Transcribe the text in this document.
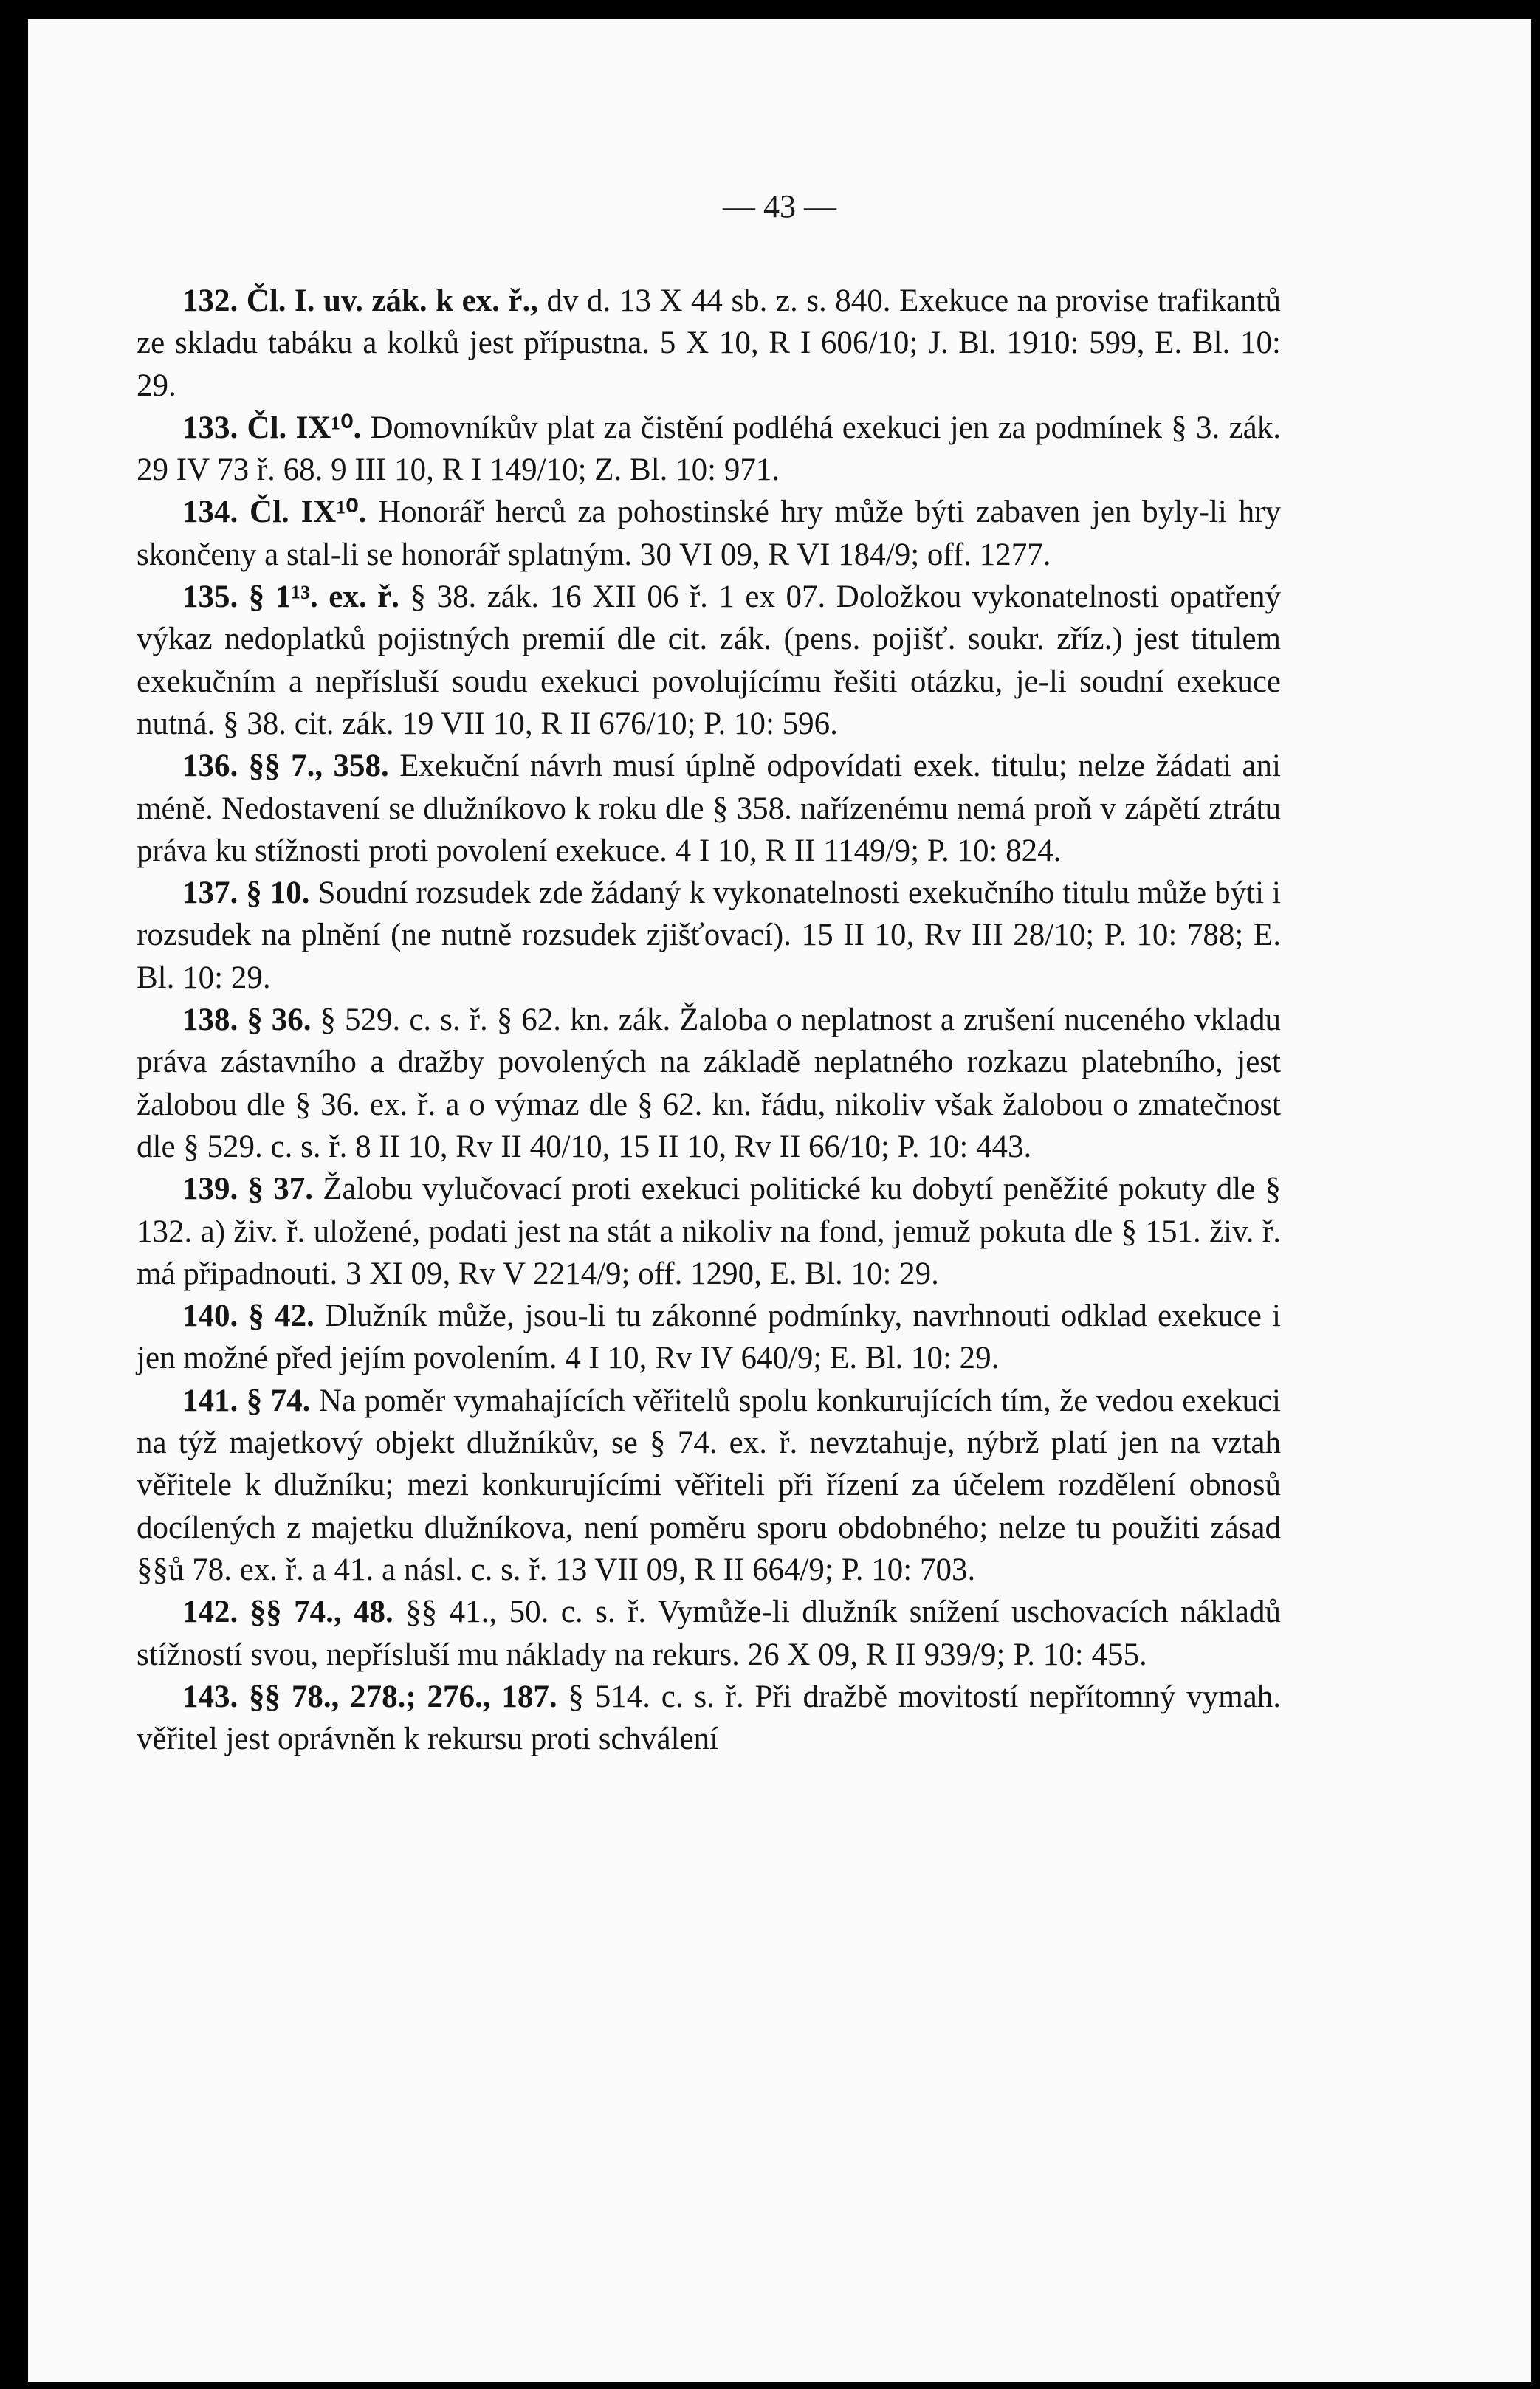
— 43 —

132. Čl. I. uv. zák. k ex. ř., dv d. 13 X 44 sb. z. s. 840. Exekuce na provise trafikantů ze skladu tabáku a kolků jest přípustna. 5 X 10, R I 606/10; J. Bl. 1910: 599, E. Bl. 10: 29.

133. Čl. IX¹⁰. Domovníkův plat za čistění podléhá exekuci jen za podmínek § 3. zák. 29 IV 73 ř. 68. 9 III 10, R I 149/10; Z. Bl. 10: 971.

134. Čl. IX¹⁰. Honorář herců za pohostinské hry může býti zabaven jen byly-li hry skončeny a stal-li se honorář splatným. 30 VI 09, R VI 184/9; off. 1277.

135. § 1¹³. ex. ř. § 38. zák. 16 XII 06 ř. 1 ex 07. Doložkou vykonatelnosti opatřený výkaz nedoplatků pojistných premií dle cit. zák. (pens. pojišť. soukr. zříz.) jest titulem exekučním a nepřísluší soudu exekuci povolujícímu řešiti otázku, je-li soudní exekuce nutná. § 38. cit. zák. 19 VII 10, R II 676/10; P. 10: 596.

136. §§ 7., 358. Exekuční návrh musí úplně odpovídati exek. titulu; nelze žádati ani méně. Nedostavení se dlužníkovo k roku dle § 358. nařízenému nemá proň v zápětí ztrátu práva ku stížnosti proti povolení exekuce. 4 I 10, R II 1149/9; P. 10: 824.

137. § 10. Soudní rozsudek zde žádaný k vykonatelnosti exekučního titulu může býti i rozsudek na plnění (ne nutně rozsudek zjišťovací). 15 II 10, Rv III 28/10; P. 10: 788; E. Bl. 10: 29.

138. § 36. § 529. c. s. ř. § 62. kn. zák. Žaloba o neplatnost a zrušení nuceného vkladu práva zástavního a dražby povolených na základě neplatného rozkazu platebního, jest žalobou dle § 36. ex. ř. a o výmaz dle § 62. kn. řádu, nikoliv však žalobou o zmatečnost dle § 529. c. s. ř. 8 II 10, Rv II 40/10, 15 II 10, Rv II 66/10; P. 10: 443.

139. § 37. Žalobu vylučovací proti exekuci politické ku dobytí peněžité pokuty dle § 132. a) živ. ř. uložené, podati jest na stát a nikoliv na fond, jemuž pokuta dle § 151. živ. ř. má připadnouti. 3 XI 09, Rv V 2214/9; off. 1290, E. Bl. 10: 29.

140. § 42. Dlužník může, jsou-li tu zákonné podmínky, navrhnouti odklad exekuce i jen možné před jejím povolením. 4 I 10, Rv IV 640/9; E. Bl. 10: 29.

141. § 74. Na poměr vymahajících věřitelů spolu konkurujících tím, že vedou exekuci na týž majetkový objekt dlužníkův, se § 74. ex. ř. nevztahuje, nýbrž platí jen na vztah věřitele k dlužníku; mezi konkurujícími věřiteli při řízení za účelem rozdělení obnosů docílených z majetku dlužníkova, není poměru sporu obdobného; nelze tu použiti zásad §§ů 78. ex. ř. a 41. a násl. c. s. ř. 13 VII 09, R II 664/9; P. 10: 703.

142. §§ 74., 48. §§ 41., 50. c. s. ř. Vymůže-li dlužník snížení uschovacích nákladů stížností svou, nepřísluší mu náklady na rekurs. 26 X 09, R II 939/9; P. 10: 455.

143. §§ 78., 278.; 276., 187. § 514. c. s. ř. Při dražbě movitostí nepřítomný vymah. věřitel jest oprávněn k rekursu proti schválení
